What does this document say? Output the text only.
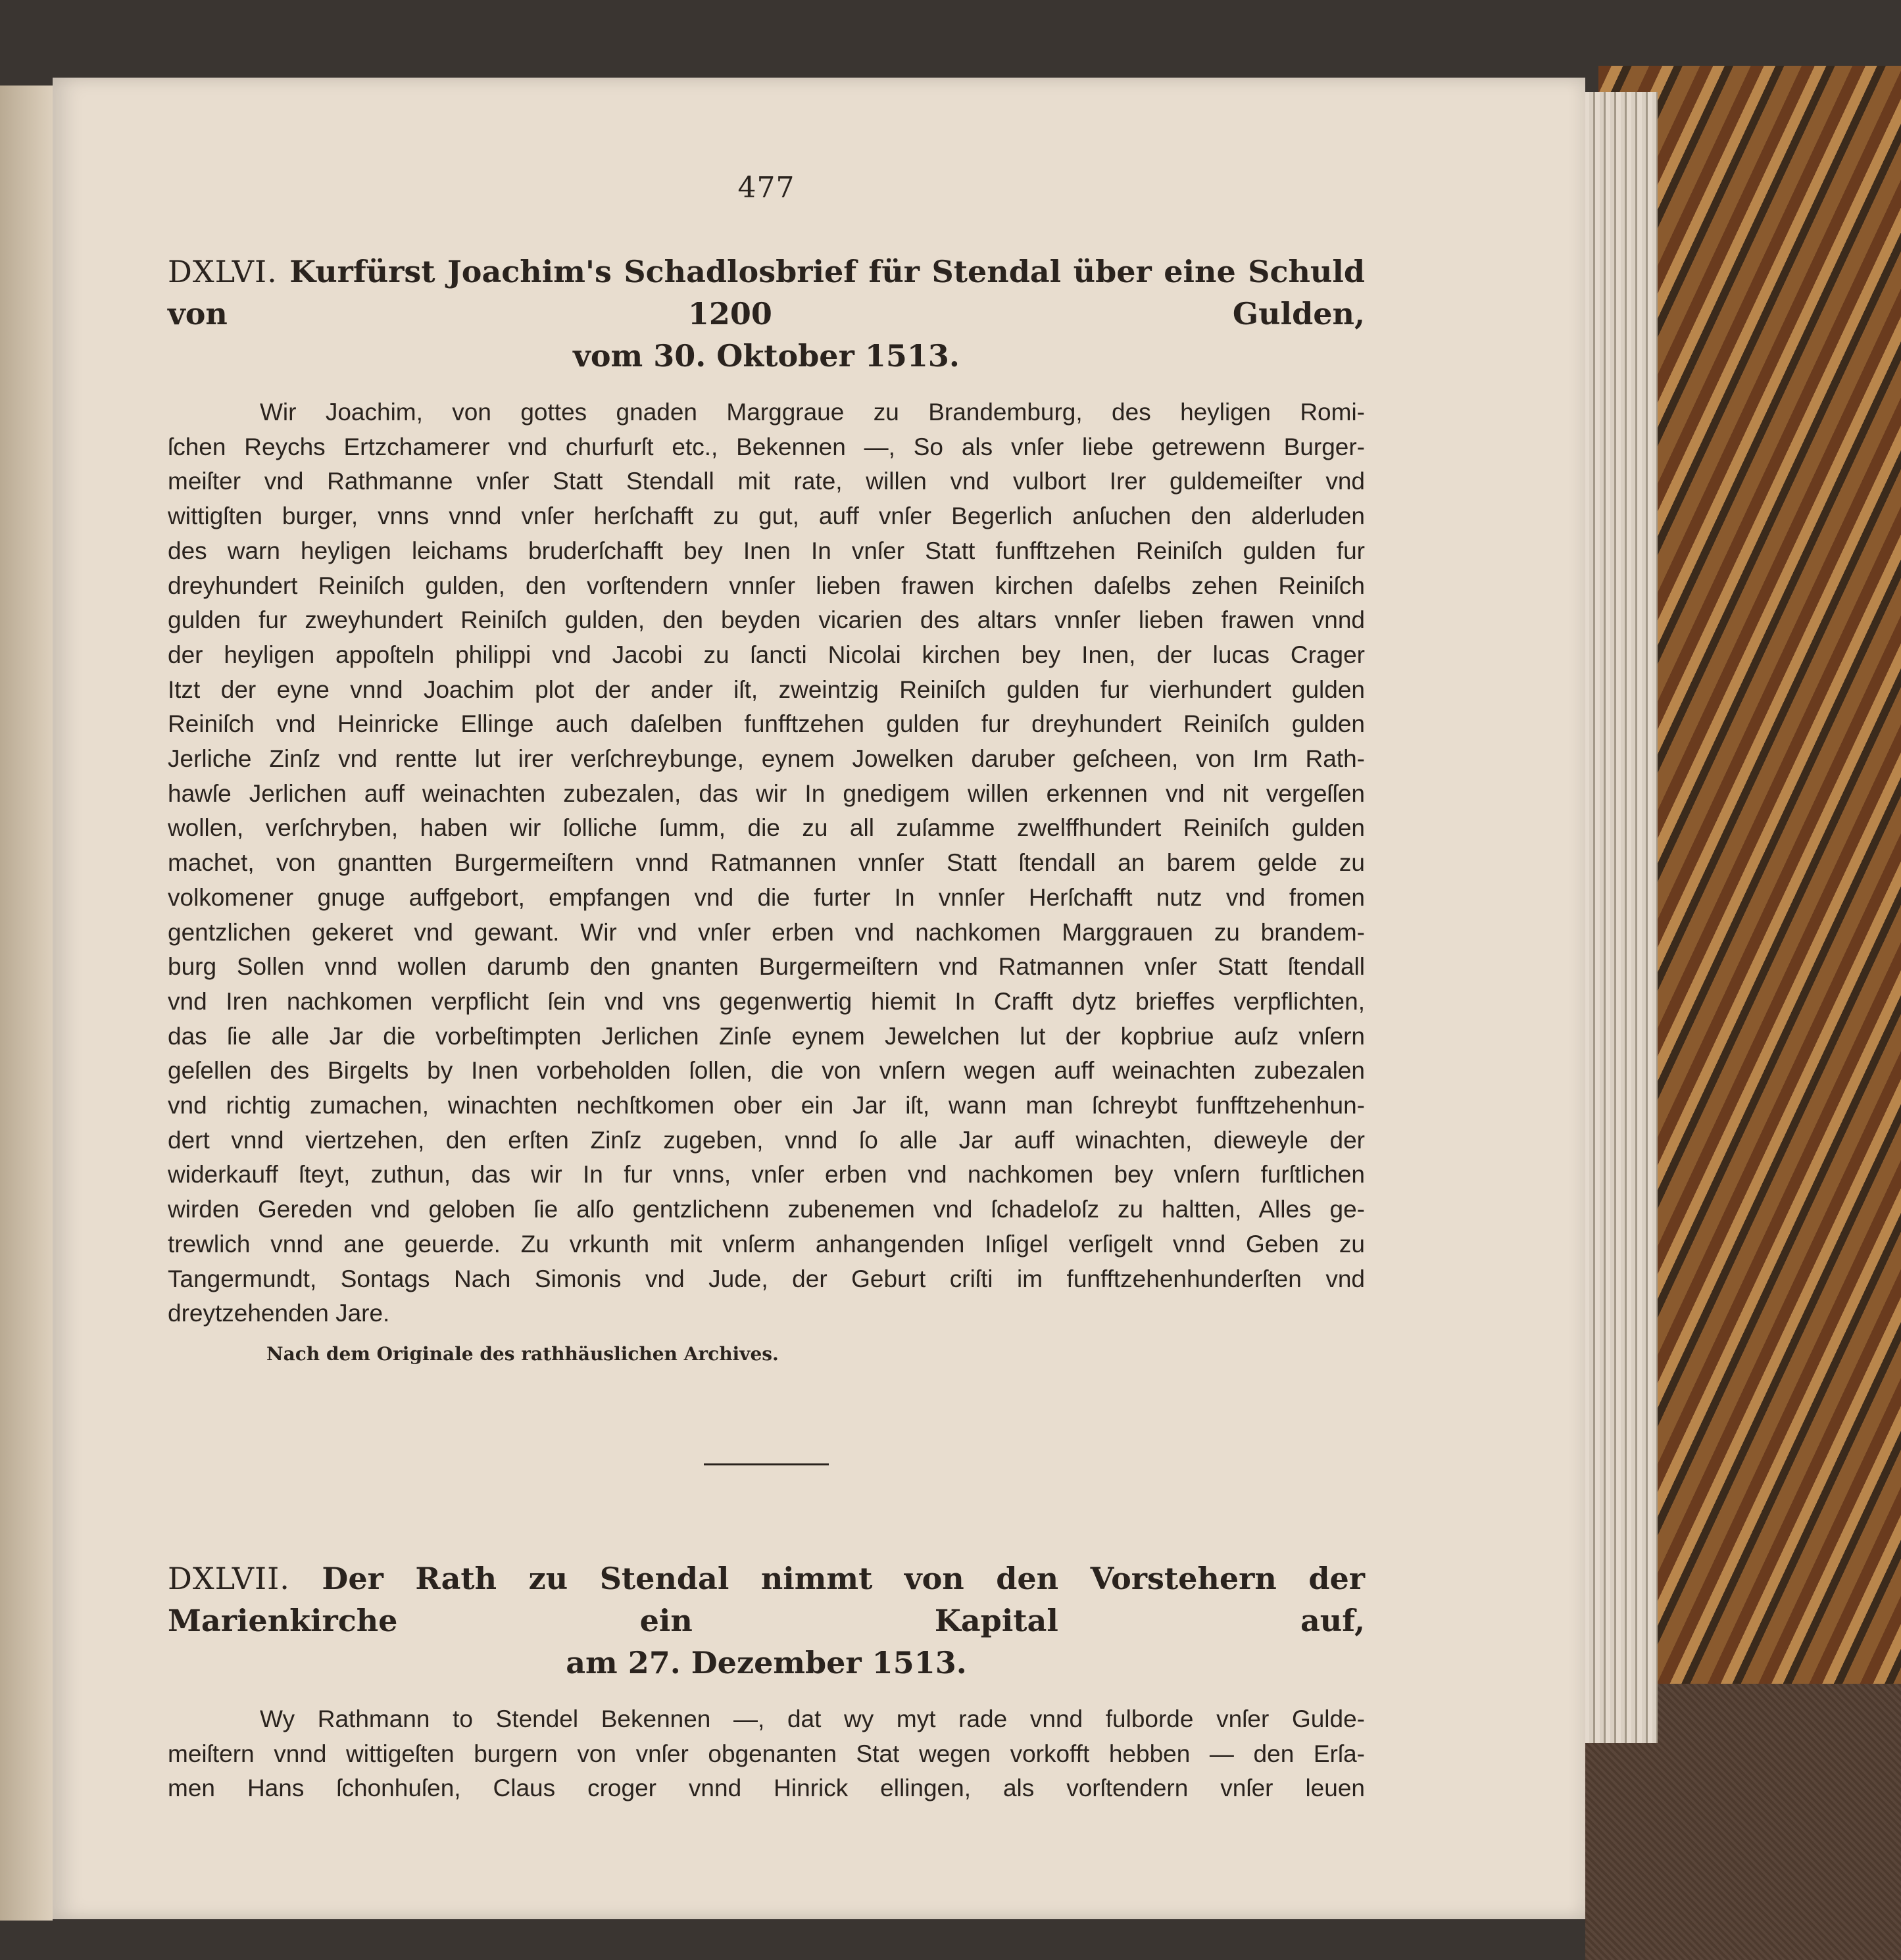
477
DXLVI. Kurfürst Joachim's Schadlosbrief für Stendal über eine Schuld von 1200 Gulden,
vom 30. Oktober 1513.
Wir Joachim, von gottes gnaden Marggraue zu Brandemburg, des heyligen Romi-
ſchen Reychs Ertzchamerer vnd churfurſt etc., Bekennen —, So als vnſer liebe getrewenn Burger-
meiſter vnd Rathmanne vnſer Statt Stendall mit rate, willen vnd vulbort Irer guldemeiſter vnd
wittigſten burger, vnns vnnd vnſer herſchafft zu gut, auff vnſer Begerlich anſuchen den alderluden
des warn heyligen leichams bruderſchafft bey Inen In vnſer Statt funfftzehen Reiniſch gulden fur
dreyhundert Reiniſch gulden, den vorſtendern vnnſer lieben frawen kirchen daſelbs zehen Reiniſch
gulden fur zweyhundert Reiniſch gulden, den beyden vicarien des altars vnnſer lieben frawen vnnd
der heyligen appoſteln philippi vnd Jacobi zu ſancti Nicolai kirchen bey Inen, der lucas Crager
Itzt der eyne vnnd Joachim plot der ander iſt, zweintzig Reiniſch gulden fur vierhundert gulden
Reiniſch vnd Heinricke Ellinge auch daſelben funfftzehen gulden fur dreyhundert Reiniſch gulden
Jerliche Zinſz vnd rentte lut irer verſchreybunge, eynem Jowelken daruber geſcheen, von Irm Rath-
hawſe Jerlichen auff weinachten zubezalen, das wir In gnedigem willen erkennen vnd nit vergeſſen
wollen, verſchryben, haben wir ſolliche ſumm, die zu all zuſamme zwelffhundert Reiniſch gulden
machet, von gnantten Burgermeiſtern vnnd Ratmannen vnnſer Statt ſtendall an barem gelde zu
volkomener gnuge auffgebort, empfangen vnd die furter In vnnſer Herſchafft nutz vnd fromen
gentzlichen gekeret vnd gewant. Wir vnd vnſer erben vnd nachkomen Marggrauen zu brandem-
burg Sollen vnnd wollen darumb den gnanten Burgermeiſtern vnd Ratmannen vnſer Statt ſtendall
vnd Iren nachkomen verpflicht ſein vnd vns gegenwertig hiemit In Crafft dytz brieffes verpflichten,
das ſie alle Jar die vorbeſtimpten Jerlichen Zinſe eynem Jewelchen lut der kopbriue auſz vnſern
geſellen des Birgelts by Inen vorbeholden ſollen, die von vnſern wegen auff weinachten zubezalen
vnd richtig zumachen, winachten nechſtkomen ober ein Jar iſt, wann man ſchreybt funfftzehenhun-
dert vnnd viertzehen, den erſten Zinſz zugeben, vnnd ſo alle Jar auff winachten, dieweyle der
widerkauff ſteyt, zuthun, das wir In fur vnns, vnſer erben vnd nachkomen bey vnſern furſtlichen
wirden Gereden vnd geloben ſie alſo gentzlichenn zubenemen vnd ſchadeloſz zu haltten, Alles ge-
trewlich vnnd ane geuerde. Zu vrkunth mit vnſerm anhangenden Inſigel verſigelt vnnd Geben zu
Tangermundt, Sontags Nach Simonis vnd Jude, der Geburt criſti im funfftzehenhunderſten vnd
dreytzehenden Jare.
Nach dem Originale des rathhäuslichen Archives.
DXLVII. Der Rath zu Stendal nimmt von den Vorstehern der Marienkirche ein Kapital auf,
am 27. Dezember 1513.
Wy Rathmann to Stendel Bekennen —, dat wy myt rade vnnd fulborde vnſer Gulde-
meiſtern vnnd wittigeſten burgern von vnſer obgenanten Stat wegen vorkofft hebben — den Erſa-
men Hans ſchonhuſen, Claus croger vnnd Hinrick ellingen, als vorſtendern vnſer leuen
